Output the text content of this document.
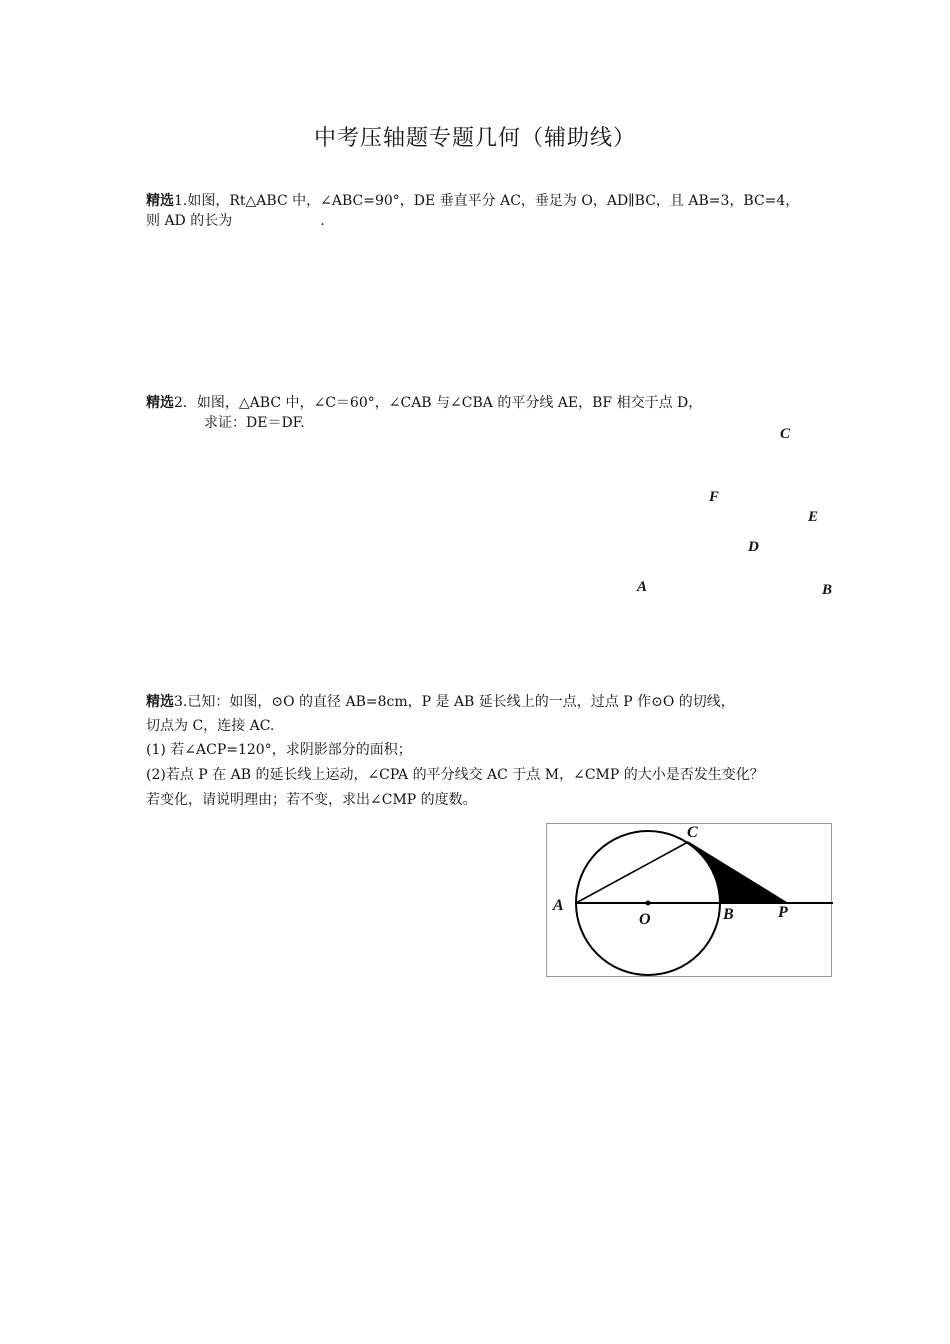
中考压轴题专题几何（辅助线）
精选1.如图，Rt△ABC 中，∠ABC=90°，DE 垂直平分 AC，垂足为 O，AD∥BC，且 AB=3，BC=4，
则 AD 的长为	.
精选2．如图，△ABC 中，∠C＝60°，∠CAB 与∠CBA 的平分线 AE，BF 相交于点 D，
求证：DE＝DF.
C
F
E
D
A	B
精选3.已知：如图，⊙O 的直径 AB=8cm，P 是 AB 延长线上的一点，过点 P 作⊙O 的切线，
切点为 C，连接 AC.
(1) 若∠ACP=120°，求阴影部分的面积；
(2)若点 P 在 AB 的延长线上运动，∠CPA 的平分线交 AC 于点 M，∠CMP 的大小是否发生变化？
若变化，请说明理由；若不变，求出∠CMP 的度数。
C
A
O	B	P
